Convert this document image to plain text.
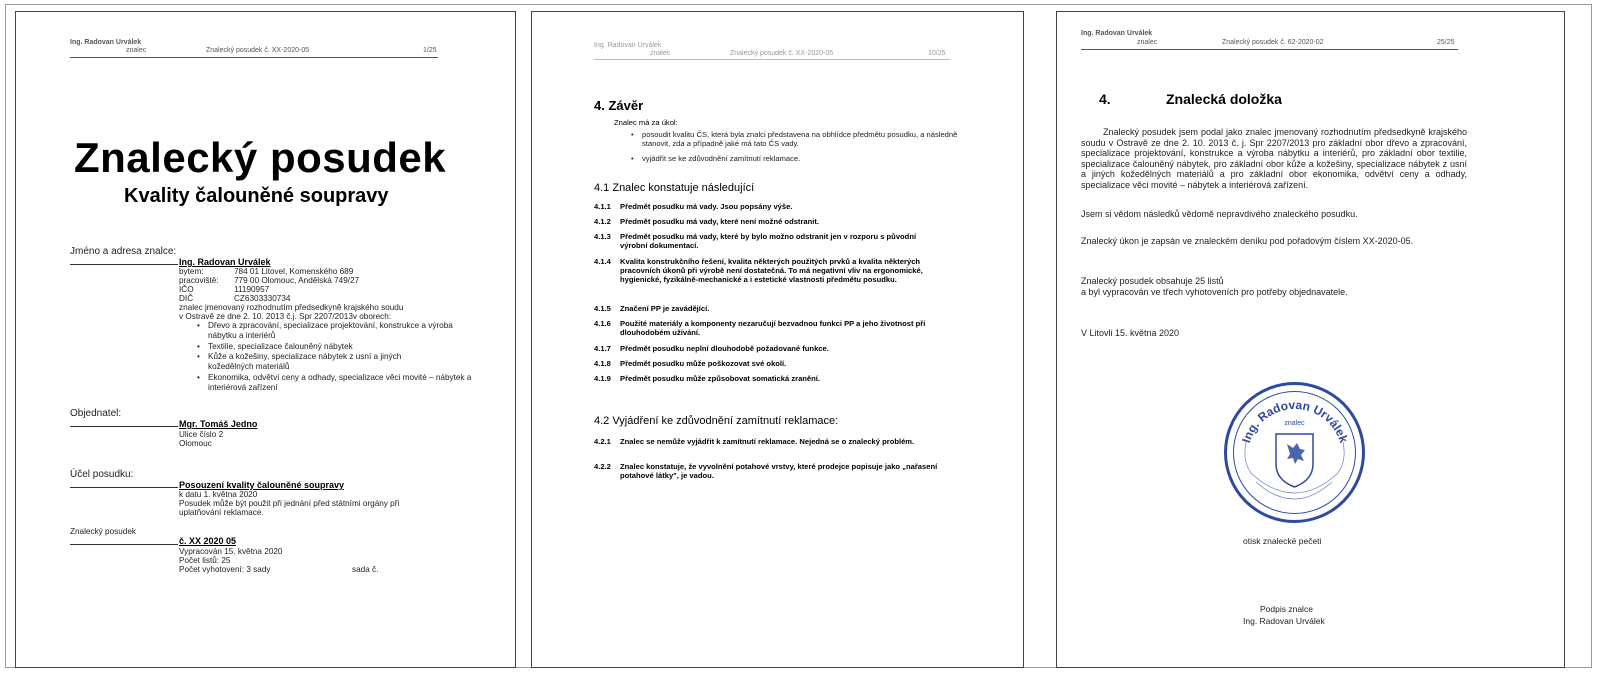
Ing. Radovan Urválek
znalec	Znalecký posudek č. XX-2020-05	1/25
Znalecký posudek
Kvality čalouněné soupravy
Jméno a adresa znalce:
Ing. Radovan Urválek
bytem:	784 01 Litovel, Komenského 689
pracoviště: 779 00 Olomouc, Andělská 749/27
IČO	11190957
DIČ	CZ6303330734
znalec jmenovaný rozhodnutím předsedkyně krajského soudu
v Ostravě ze dne 2. 10. 2013 č.j. Spr 2207/2013v oborech:
• Dřevo a zpracování, specializace projektování, konstrukce a výroba nábytku a interiérů
• Textilie, specializace čalouněný nábytek
• Kůže a kožešiny, specializace nábytek z usní a jiných kožedělných materiálů
• Ekonomika, odvětví ceny a odhady, specializace věci movité – nábytek a interiérová zařízení
Objednatel:
Mgr. Tomáš Jedno
Ulice číslo 2
Olomouc
Účel posudku:
Posouzení kvality čalouněné soupravy
k datu 1. května 2020
Posudek může být použit při jednání před státními orgány při
uplatňování reklamace.
Znalecký posudek
č. XX 2020 05
Vypracován 15. května 2020
Počet listů: 25
Počet vyhotovení: 3 sady	sada č.
Ing. Radovan Urválek
znalec	Znalecký posudek č. XX-2020-05	10/25
4. Závěr
Znalec má za úkol:
• posoudit kvalitu ČS, která byla znalci představena na obhlídce předmětu posudku, a následně stanovit, zda a případně jaké má tato ČS vady.
• vyjádřit se ke zdůvodnění zamítnutí reklamace.
4.1 Znalec konstatuje následující
4.1.1 Předmět posudku má vady. Jsou popsány výše.
4.1.2 Předmět posudku má vady, které není možné odstranit.
4.1.3 Předmět posudku má vady, které by bylo možno odstranit jen v rozporu s původní výrobní dokumentací.
4.1.4 Kvalita konstrukčního řešení, kvalita některých použitých prvků a kvalita některých pracovních úkonů při výrobě není dostatečná. To má negativní vliv na ergonomické, hygienické, fyzikálně-mechanické a i estetické vlastnosti předmětu posudku.
4.1.5 Značení PP je zavádějící.
4.1.6 Použité materiály a komponenty nezaručují bezvadnou funkci PP a jeho životnost při dlouhodobém užívání.
4.1.7 Předmět posudku neplní dlouhodobě požadované funkce.
4.1.8 Předmět posudku může poškozovat své okolí.
4.1.9 Předmět posudku může způsobovat somatická zranění.
4.2 Vyjádření ke zdůvodnění zamítnutí reklamace:
4.2.1 Znalec se nemůže vyjádřit k zamítnutí reklamace. Nejedná se o znalecký problém.
4.2.2 Znalec konstatuje, že vyvolnění potahové vrstvy, které prodejce popisuje jako „nařasení potahové látky", je vadou.
Ing. Radovan Urválek
znalec	Znalecký posudek č. 62-2020-02	25/25
4.	Znalecká doložka
Znalecký posudek jsem podal jako znalec jmenovaný rozhodnutím předsedkyně krajského soudu v Ostravě ze dne 2. 10. 2013 č. j. Spr 2207/2013 pro základní obor dřevo a zpracování, specializace projektování, konstrukce a výroba nábytku a interiérů, pro základní obor textilie, specializace čalouněný nábytek, pro základní obor kůže a kožešiny, specializace nábytek z usní a jiných kožedělných materiálů a pro základní obor ekonomika, odvětví ceny a odhady, specializace věci movité – nábytek a interiérová zařízení.
Jsem si vědom následků vědomě nepravdivého znaleckého posudku.
Znalecký úkon je zapsán ve znaleckém deníku pod pořadovým číslem XX-2020-05.
Znalecký posudek obsahuje 25 listů
a byl vypracován ve třech vyhotoveních pro potřeby objednavatele.
V Litovli 15. května 2020
Ing. Radovan Urválek
znalec
otisk znalecké pečeti
Podpis znalce
Ing. Radovan Urválek
